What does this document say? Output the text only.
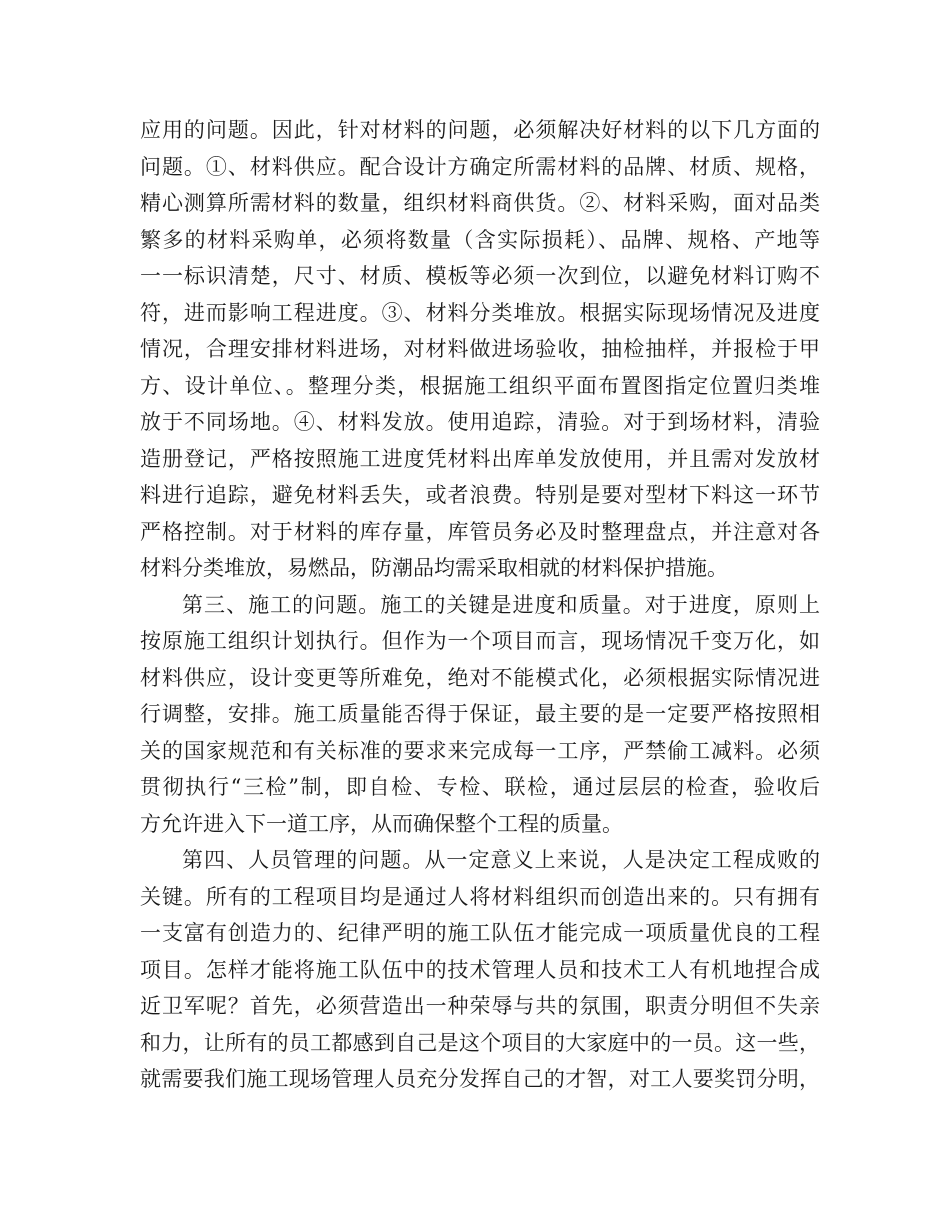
应用的问题。因此，针对材料的问题，必须解决好材料的以下几方面的
问题。①、材料供应。配合设计方确定所需材料的品牌、材质、规格，
精心测算所需材料的数量，组织材料商供货。②、材料采购，面对品类
繁多的材料采购单，必须将数量（含实际损耗）、品牌、规格、产地等
一一标识清楚，尺寸、材质、模板等必须一次到位，以避免材料订购不
符，进而影响工程进度。③、材料分类堆放。根据实际现场情况及进度
情况，合理安排材料进场，对材料做进场验收，抽检抽样，并报检于甲
方、设计单位、。整理分类，根据施工组织平面布置图指定位置归类堆
放于不同场地。④、材料发放。使用追踪，清验。对于到场材料，清验
造册登记，严格按照施工进度凭材料出库单发放使用，并且需对发放材
料进行追踪，避免材料丢失，或者浪费。特别是要对型材下料这一环节
严格控制。对于材料的库存量，库管员务必及时整理盘点，并注意对各
材料分类堆放，易燃品，防潮品均需采取相就的材料保护措施。
第三、施工的问题。施工的关键是进度和质量。对于进度，原则上
按原施工组织计划执行。但作为一个项目而言，现场情况千变万化，如
材料供应，设计变更等所难免，绝对不能模式化，必须根据实际情况进
行调整，安排。施工质量能否得于保证，最主要的是一定要严格按照相
关的国家规范和有关标准的要求来完成每一工序，严禁偷工减料。必须
贯彻执行“三检”制，即自检、专检、联检，通过层层的检查，验收后
方允许进入下一道工序，从而确保整个工程的质量。
第四、人员管理的问题。从一定意义上来说，人是决定工程成败的
关键。所有的工程项目均是通过人将材料组织而创造出来的。只有拥有
一支富有创造力的、纪律严明的施工队伍才能完成一项质量优良的工程
项目。怎样才能将施工队伍中的技术管理人员和技术工人有机地捏合成
近卫军呢？首先，必须营造出一种荣辱与共的氛围，职责分明但不失亲
和力，让所有的员工都感到自己是这个项目的大家庭中的一员。这一些，
就需要我们施工现场管理人员充分发挥自己的才智，对工人要奖罚分明，
